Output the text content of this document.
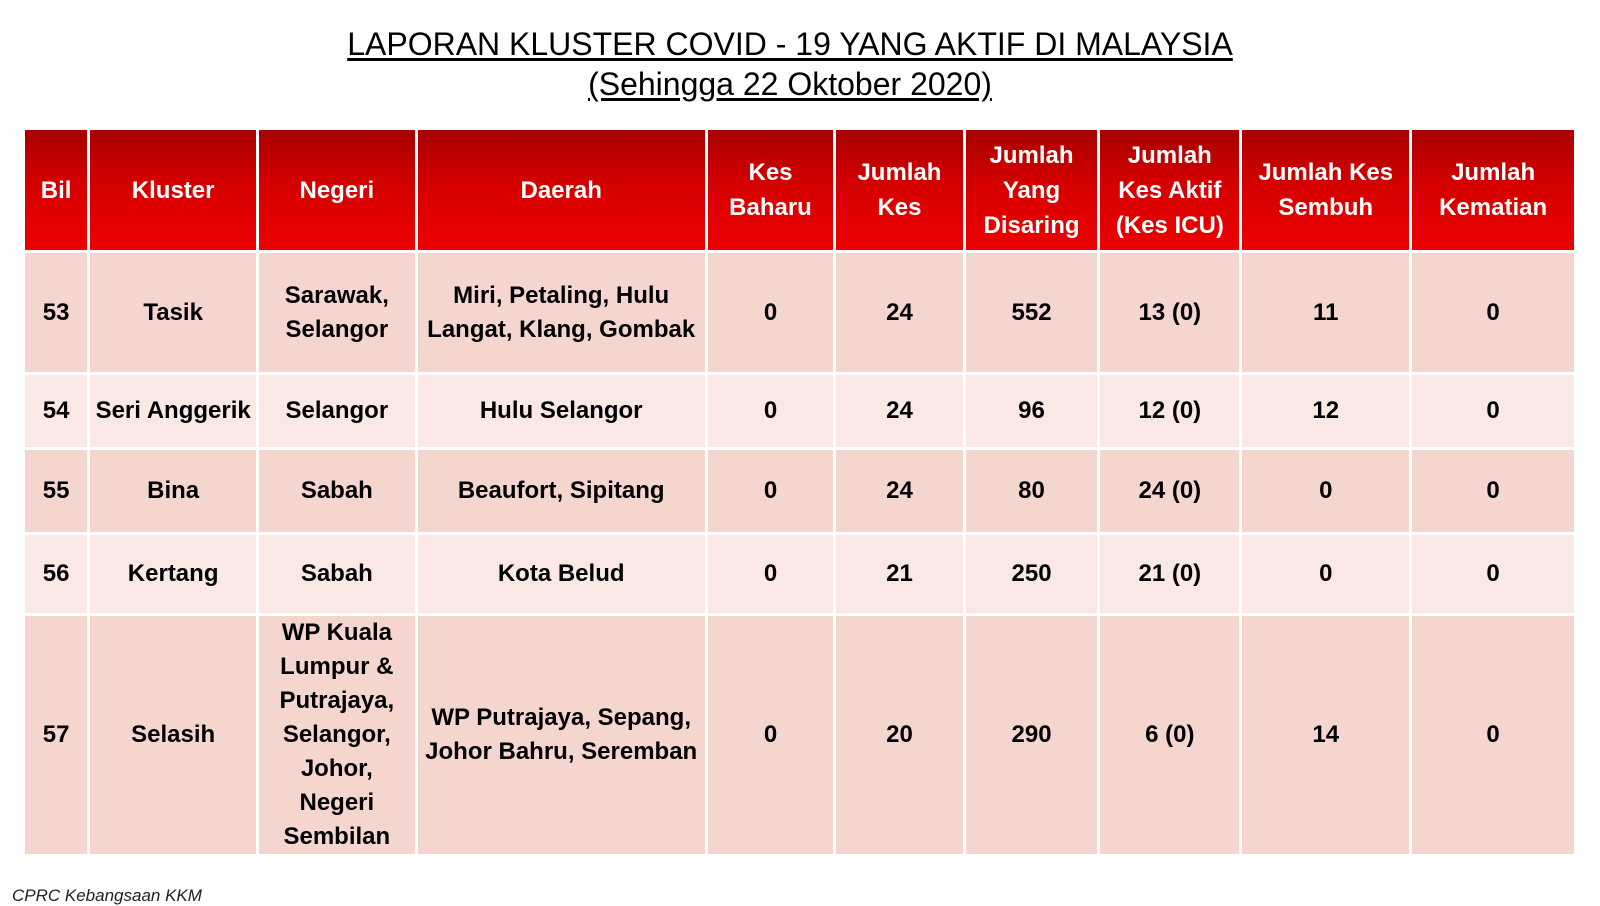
LAPORAN KLUSTER COVID - 19 YANG AKTIF DI MALAYSIA
(Sehingga 22 Oktober 2020)
Bil	Kluster	Negeri	Daerah	Kes Baharu	Jumlah Kes	Jumlah Yang Disaring	Jumlah Kes Aktif (Kes ICU)	Jumlah Kes Sembuh	Jumlah Kematian
53	Tasik	Sarawak, Selangor	Miri, Petaling, Hulu Langat, Klang, Gombak	0	24	552	13 (0)	11	0
54	Seri Anggerik	Selangor	Hulu Selangor	0	24	96	12 (0)	12	0
55	Bina	Sabah	Beaufort, Sipitang	0	24	80	24 (0)	0	0
56	Kertang	Sabah	Kota Belud	0	21	250	21 (0)	0	0
57	Selasih	WP Kuala Lumpur & Putrajaya, Selangor, Johor, Negeri Sembilan	WP Putrajaya, Sepang, Johor Bahru, Seremban	0	20	290	6 (0)	14	0
CPRC Kebangsaan KKM
